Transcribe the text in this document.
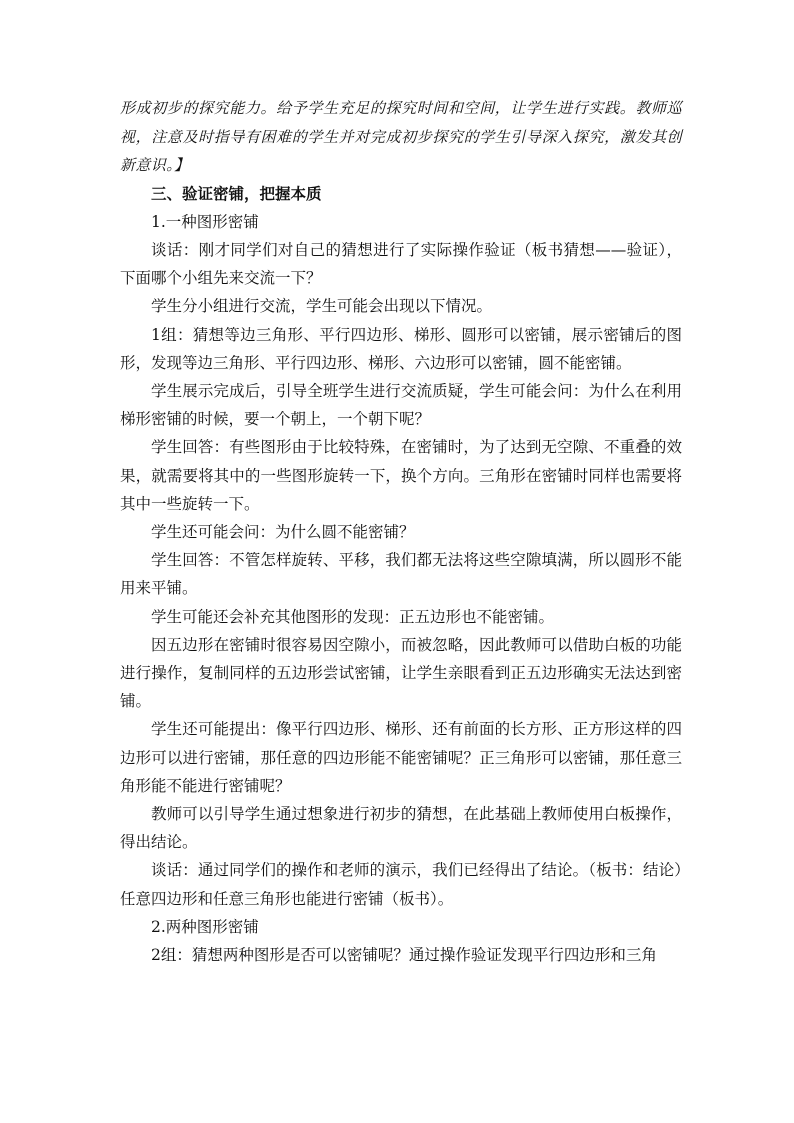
形成初步的探究能力。给予学生充足的探究时间和空间，让学生进行实践。教师巡视，注意及时指导有困难的学生并对完成初步探究的学生引导深入探究，激发其创新意识。】

三、验证密铺，把握本质

1.一种图形密铺

谈话：刚才同学们对自己的猜想进行了实际操作验证（板书猜想——验证），下面哪个小组先来交流一下？

学生分小组进行交流，学生可能会出现以下情况。

1组：猜想等边三角形、平行四边形、梯形、圆形可以密铺，展示密铺后的图形，发现等边三角形、平行四边形、梯形、六边形可以密铺，圆不能密铺。

学生展示完成后，引导全班学生进行交流质疑，学生可能会问：为什么在利用梯形密铺的时候，要一个朝上，一个朝下呢？

学生回答：有些图形由于比较特殊，在密铺时，为了达到无空隙、不重叠的效果，就需要将其中的一些图形旋转一下，换个方向。三角形在密铺时同样也需要将其中一些旋转一下。

学生还可能会问：为什么圆不能密铺？

学生回答：不管怎样旋转、平移，我们都无法将这些空隙填满，所以圆形不能用来平铺。

学生可能还会补充其他图形的发现：正五边形也不能密铺。

因五边形在密铺时很容易因空隙小，而被忽略，因此教师可以借助白板的功能进行操作，复制同样的五边形尝试密铺，让学生亲眼看到正五边形确实无法达到密铺。

学生还可能提出：像平行四边形、梯形、还有前面的长方形、正方形这样的四边形可以进行密铺，那任意的四边形能不能密铺呢？正三角形可以密铺，那任意三角形能不能进行密铺呢？

教师可以引导学生通过想象进行初步的猜想，在此基础上教师使用白板操作，得出结论。

谈话：通过同学们的操作和老师的演示，我们已经得出了结论。（板书：结论）任意四边形和任意三角形也能进行密铺（板书）。

2.两种图形密铺

2组：猜想两种图形是否可以密铺呢？通过操作验证发现平行四边形和三角
